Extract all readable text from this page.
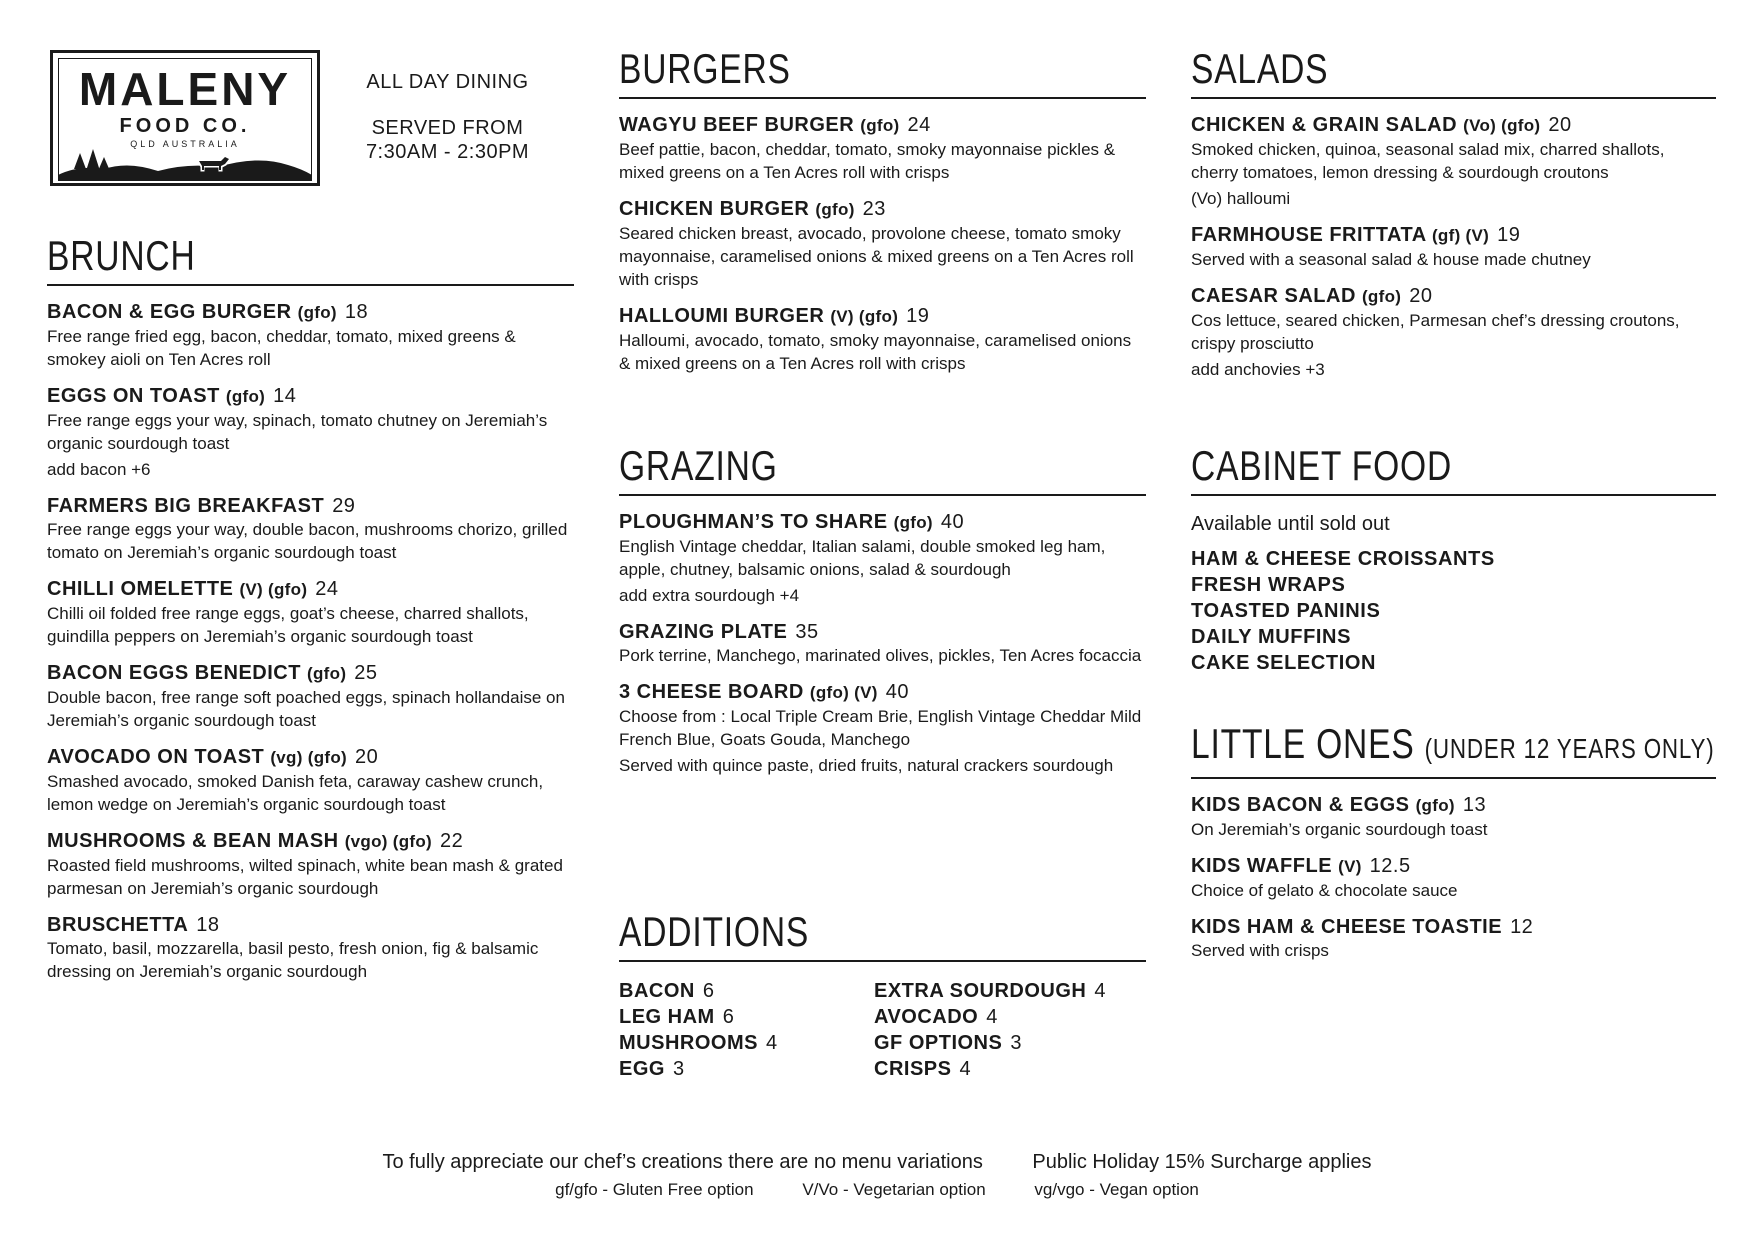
MALENY
FOOD CO.
QLD AUSTRALIA
ALL DAY DINING
SERVED FROM
7:30AM - 2:30PM
BRUNCH
BACON & EGG BURGER (gfo) 18
Free range fried egg, bacon, cheddar, tomato, mixed greens & smokey aioli on Ten Acres roll
EGGS ON TOAST (gfo) 14
Free range eggs your way, spinach, tomato chutney on Jeremiah’s organic sourdough toast
add bacon +6
FARMERS BIG BREAKFAST 29
Free range eggs your way, double bacon, mushrooms chorizo, grilled tomato on Jeremiah’s organic sourdough toast
CHILLI OMELETTE (V) (gfo) 24
Chilli oil folded free range eggs, goat’s cheese, charred shallots, guindilla peppers on Jeremiah’s organic sourdough toast
BACON EGGS BENEDICT (gfo) 25
Double bacon, free range soft poached eggs, spinach hollandaise on Jeremiah’s organic sourdough toast
AVOCADO ON TOAST (vg) (gfo) 20
Smashed avocado, smoked Danish feta, caraway cashew crunch, lemon wedge on Jeremiah’s organic sourdough toast
MUSHROOMS & BEAN MASH (vgo) (gfo) 22
Roasted field mushrooms, wilted spinach, white bean mash & grated parmesan on Jeremiah’s organic sourdough
BRUSCHETTA 18
Tomato, basil, mozzarella, basil pesto, fresh onion, fig & balsamic dressing on Jeremiah’s organic sourdough
BURGERS
WAGYU BEEF BURGER (gfo) 24
Beef pattie, bacon, cheddar, tomato, smoky mayonnaise pickles & mixed greens on a Ten Acres roll with crisps
CHICKEN BURGER (gfo) 23
Seared chicken breast, avocado, provolone cheese, tomato smoky mayonnaise, caramelised onions & mixed greens on a Ten Acres roll with crisps
HALLOUMI BURGER (V) (gfo) 19
Halloumi, avocado, tomato, smoky mayonnaise, caramelised onions & mixed greens on a Ten Acres roll with crisps
GRAZING
PLOUGHMAN’S TO SHARE (gfo) 40
English Vintage cheddar, Italian salami, double smoked leg ham, apple, chutney, balsamic onions, salad & sourdough
add extra sourdough +4
GRAZING PLATE 35
Pork terrine, Manchego, marinated olives, pickles, Ten Acres focaccia
3 CHEESE BOARD (gfo) (V) 40
Choose from : Local Triple Cream Brie, English Vintage Cheddar Mild French Blue, Goats Gouda, Manchego
Served with quince paste, dried fruits, natural crackers sourdough
ADDITIONS
BACON 6
LEG HAM 6
MUSHROOMS 4
EGG 3
EXTRA SOURDOUGH 4
AVOCADO 4
GF OPTIONS 3
CRISPS 4
SALADS
CHICKEN & GRAIN SALAD (Vo) (gfo) 20
Smoked chicken, quinoa, seasonal salad mix, charred shallots, cherry tomatoes, lemon dressing & sourdough croutons
(Vo) halloumi
FARMHOUSE FRITTATA (gf) (V) 19
Served with a seasonal salad & house made chutney
CAESAR SALAD (gfo) 20
Cos lettuce, seared chicken, Parmesan chef’s dressing croutons, crispy prosciutto
add anchovies +3
CABINET FOOD
Available until sold out
HAM & CHEESE CROISSANTS
FRESH WRAPS
TOASTED PANINIS
DAILY MUFFINS
CAKE SELECTION
LITTLE ONES (UNDER 12 YEARS ONLY)
KIDS BACON & EGGS (gfo) 13
On Jeremiah’s organic sourdough toast
KIDS WAFFLE (V) 12.5
Choice of gelato & chocolate sauce
KIDS HAM & CHEESE TOASTIE 12
Served with crisps
To fully appreciate our chef’s creations there are no menu variations Public Holiday 15% Surcharge applies
gf/gfo - Gluten Free option	V/Vo - Vegetarian option	vg/vgo - Vegan option
